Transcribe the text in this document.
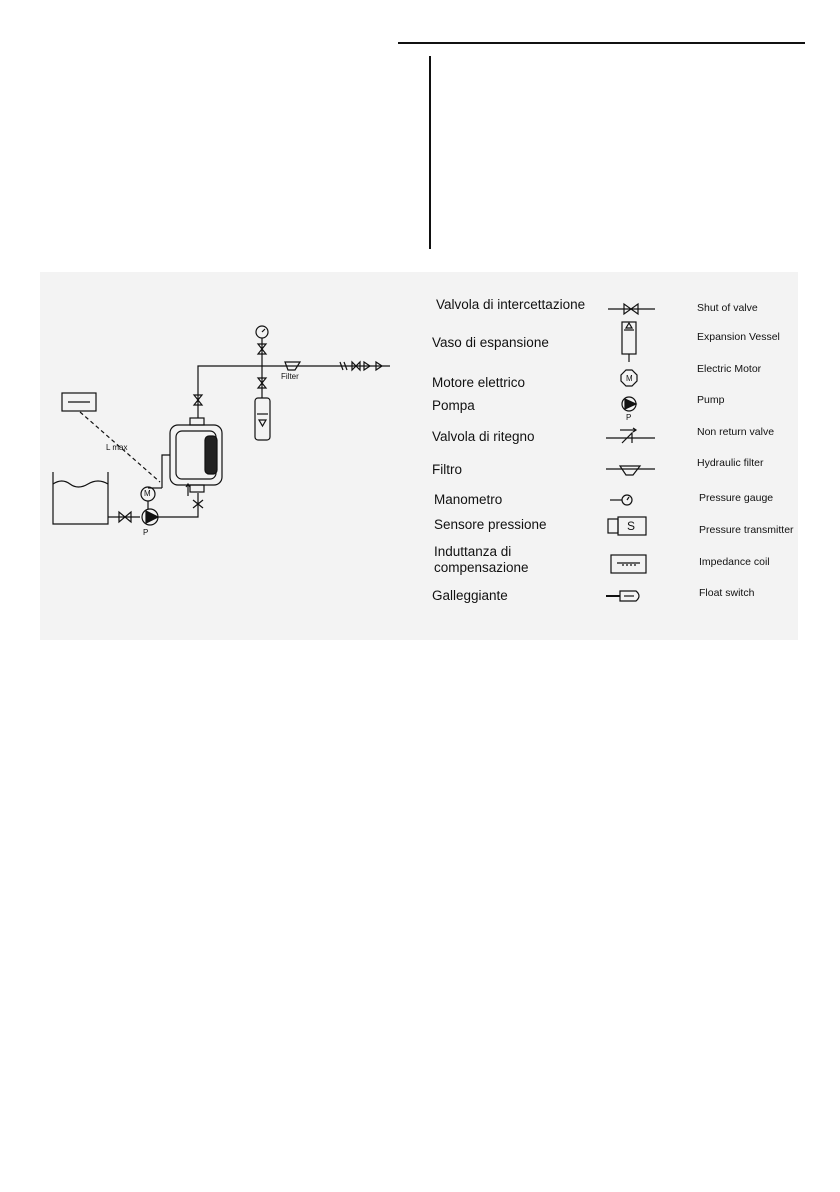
Filter
L max
M
P
M
P
S
Valvola di intercettazione
Vaso di espansione
Motore elettrico
Pompa
Valvola di ritegno
Filtro
Manometro
Sensore pressione
Induttanza di
compensazione
Galleggiante
Shut of valve
Expansion Vessel
Electric Motor
Pump
Non return valve
Hydraulic filter
Pressure gauge
Pressure transmitter
Impedance coil
Float switch
